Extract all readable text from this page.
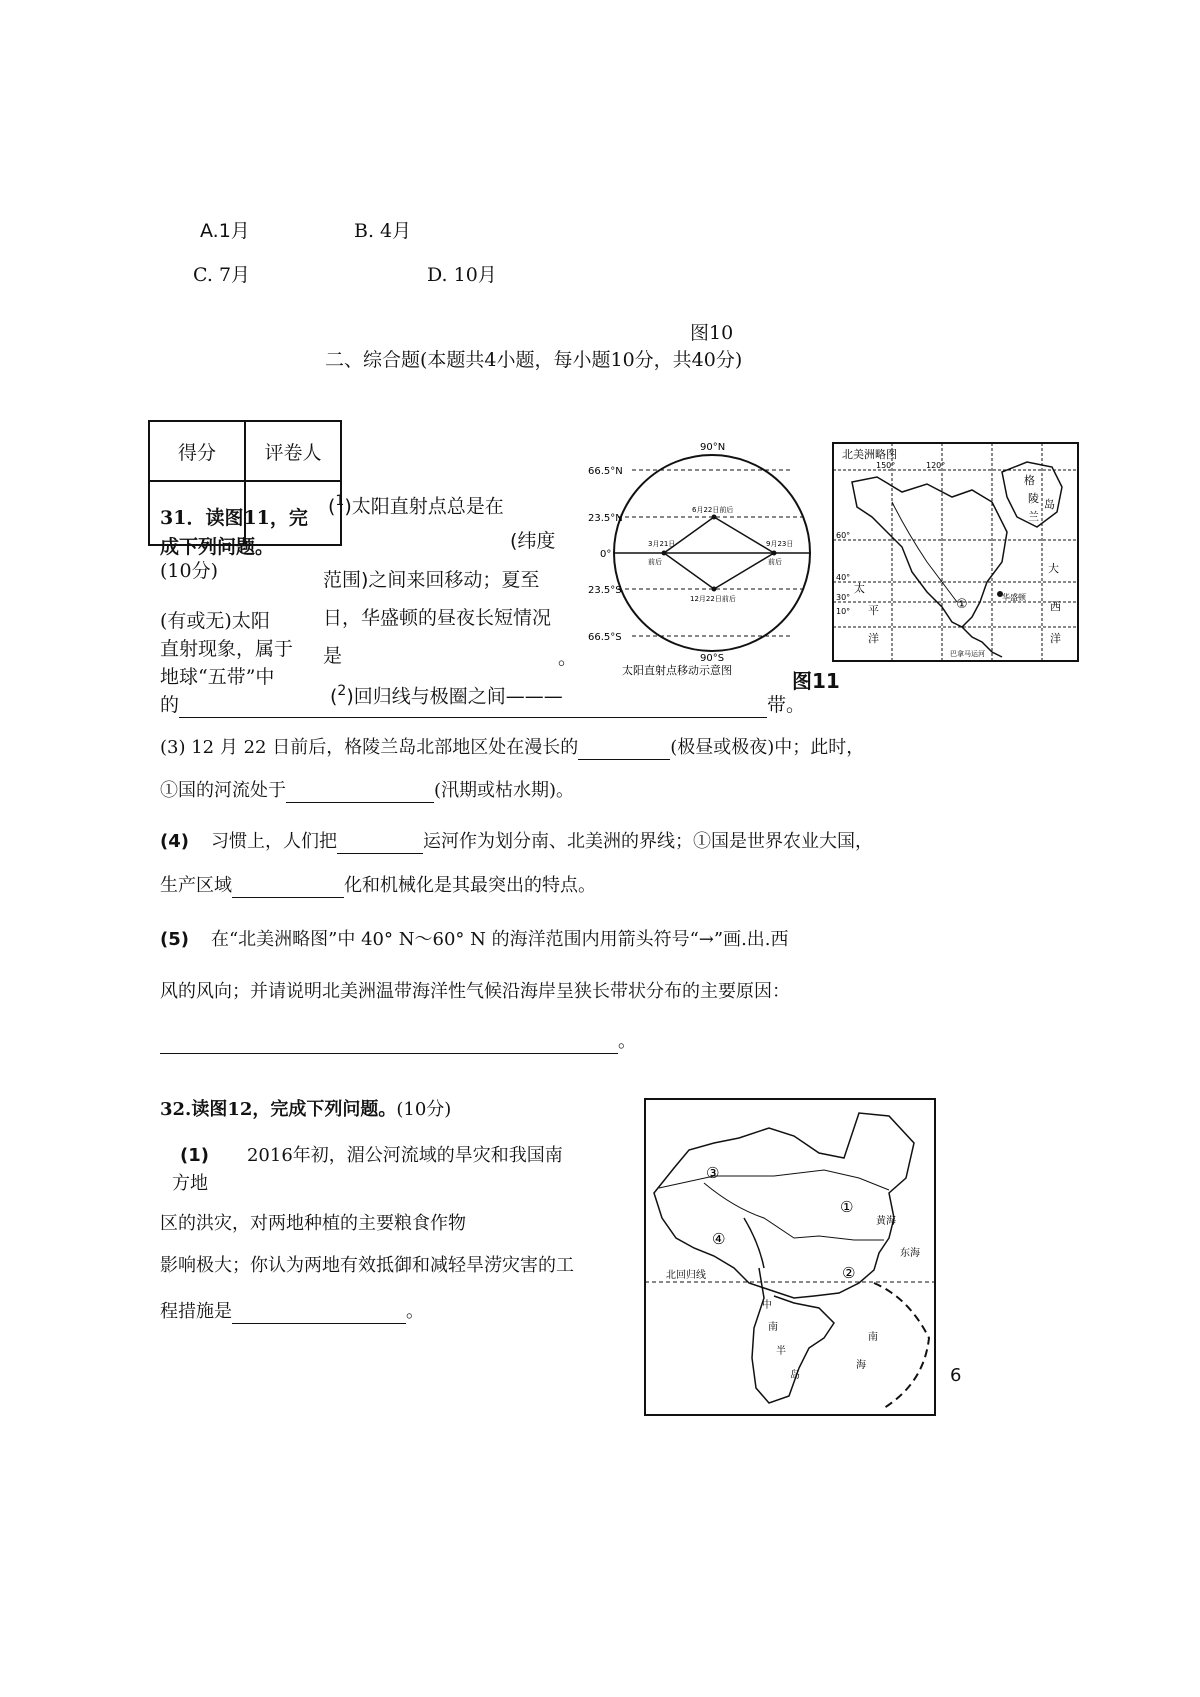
A.1月	B. 4月
C. 7月	D. 10月
图10
二、综合题(本题共4小题，每小题10分，共40分)
得分	评卷人

31．读图11，完
成下列问题。
(10分)
(有或无)太阳
直射现象，属于
地球“五带”中
($^1$)太阳直射点总是在
(纬度
范围)之间来回移动；夏至
日，华盛顿的昼夜长短情况
是	。
($^2$)回归线与极圈之间———
的	带。
90°N
66.5°N
23.5°N
0°
23.5°S
66.5°S
90°S
6月22日前后
3月21日
前后
9月23日
前后
12月22日前后
太阳直射点移动示意图	图11
北美洲略图
150°	120°
60°
40°
30°
10°
格
陵
兰
岛
太
平
洋
大
西
洋
①	华盛顿
巴拿马运河
(3) 12 月 22 日前后，格陵兰岛北部地区处在漫长的	(极昼或极夜)中；此时，
①国的河流处于	(汛期或枯水期)。
(4) 习惯上，人们把	运河作为划分南、北美洲的界线；①国是世界农业大国，
生产区域	化和机械化是其最突出的特点。
(5) 在“北美洲略图”中 40° N～60° N 的海洋范围内用箭头符号“→”画.出.西
风的风向；并请说明北美洲温带海洋性气候沿海岸呈狭长带状分布的主要原因：
。
32.读图12，完成下列问题。(10分)
(1) 2016年初，湄公河流域的旱灾和我国南
方地
区的洪灾，对两地种植的主要粮食作物
影响极大；你认为两地有效抵御和减轻旱涝灾害的工
程措施是	。
③
①
④
②
黄海
东海
北回归线
南
海
中
南
半
岛	6
